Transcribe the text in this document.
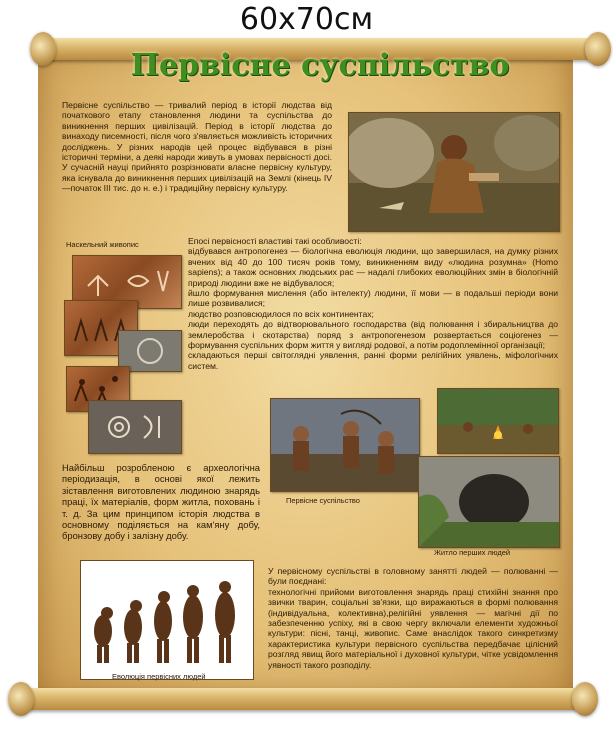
60x70см
Первісне суспільство
Первісне суспільство — тривалий період в історії людства від початкового етапу становлення людини та суспільства до виникнення перших цивілізацій. Період в історії людства до винаходу писемності, після чого з'являється можливість історичних досліджень. У різних народів цей процес відбувався в різні історичні терміни, а деякі народи живуть в умовах первісності досі. У сучасній науці прийнято розрізнювати власне первісну культуру, яка існувала до виникнення перших цивілізацій на Землі (кінець IV—початок III тис. до н. е.) і традиційну первісну культуру.
Наскельний живопис	Епосі первісності властиві такі особливості:
відбувався антропогенез — біологічна еволюція людини, що завершилася, на думку різних вчених від 40 до 100 тисяч років тому, виникненням виду «людина розумна» (Homo sapiens); а також основних людських рас — надалі глибоких еволюційних змін в біологічній природі людини вже не відбувалося;
йшло формування мислення (або інтелекту) людини, її мови — в подальші періоди вони лише розвивалися;
людство розповсюдилося по всіх континентах;
люди переходять до відтворювального господарства (від полювання і збиральництва до землеробства і скотарства) поряд з антропогенезом розвертається соціогенез — формування суспільних форм життя у вигляді родової, а потім родоплемінної організації;
складаються перші світоглядні уявлення, ранні форми релігійних уявлень, міфологічних систем.
Найбільш розробленою є археологічна періодизація, в основі якої лежить зіставлення виготовлених людиною знарядь праці, їх матеріалів, форм житла, поховань і т. д. За цим принципом історія людства в основному поділяється на кам'яну добу, бронзову добу і залізну добу.
Первісне суспільство
Житло перших людей
Еволюція первісних людей
У первісному суспільстві в головному занятті людей — полюванні — були поєднані:
технологічні прийоми виготовлення знарядь праці стихійні знання про звички тварин, соціальні зв'язки, що виражаються в формі полювання (індивідуальна, колективна),релігійні уявлення — магічні дії по забезпеченню успіху, які в свою чергу включали елементи художньої культури: пісні, танці, живопис. Саме внаслідок такого синкретизму характеристика культури первісного суспільства передбачає цілісний розгляд явищ його матеріальної і духовної культури, чітке усвідомлення уявності такого розподілу.
